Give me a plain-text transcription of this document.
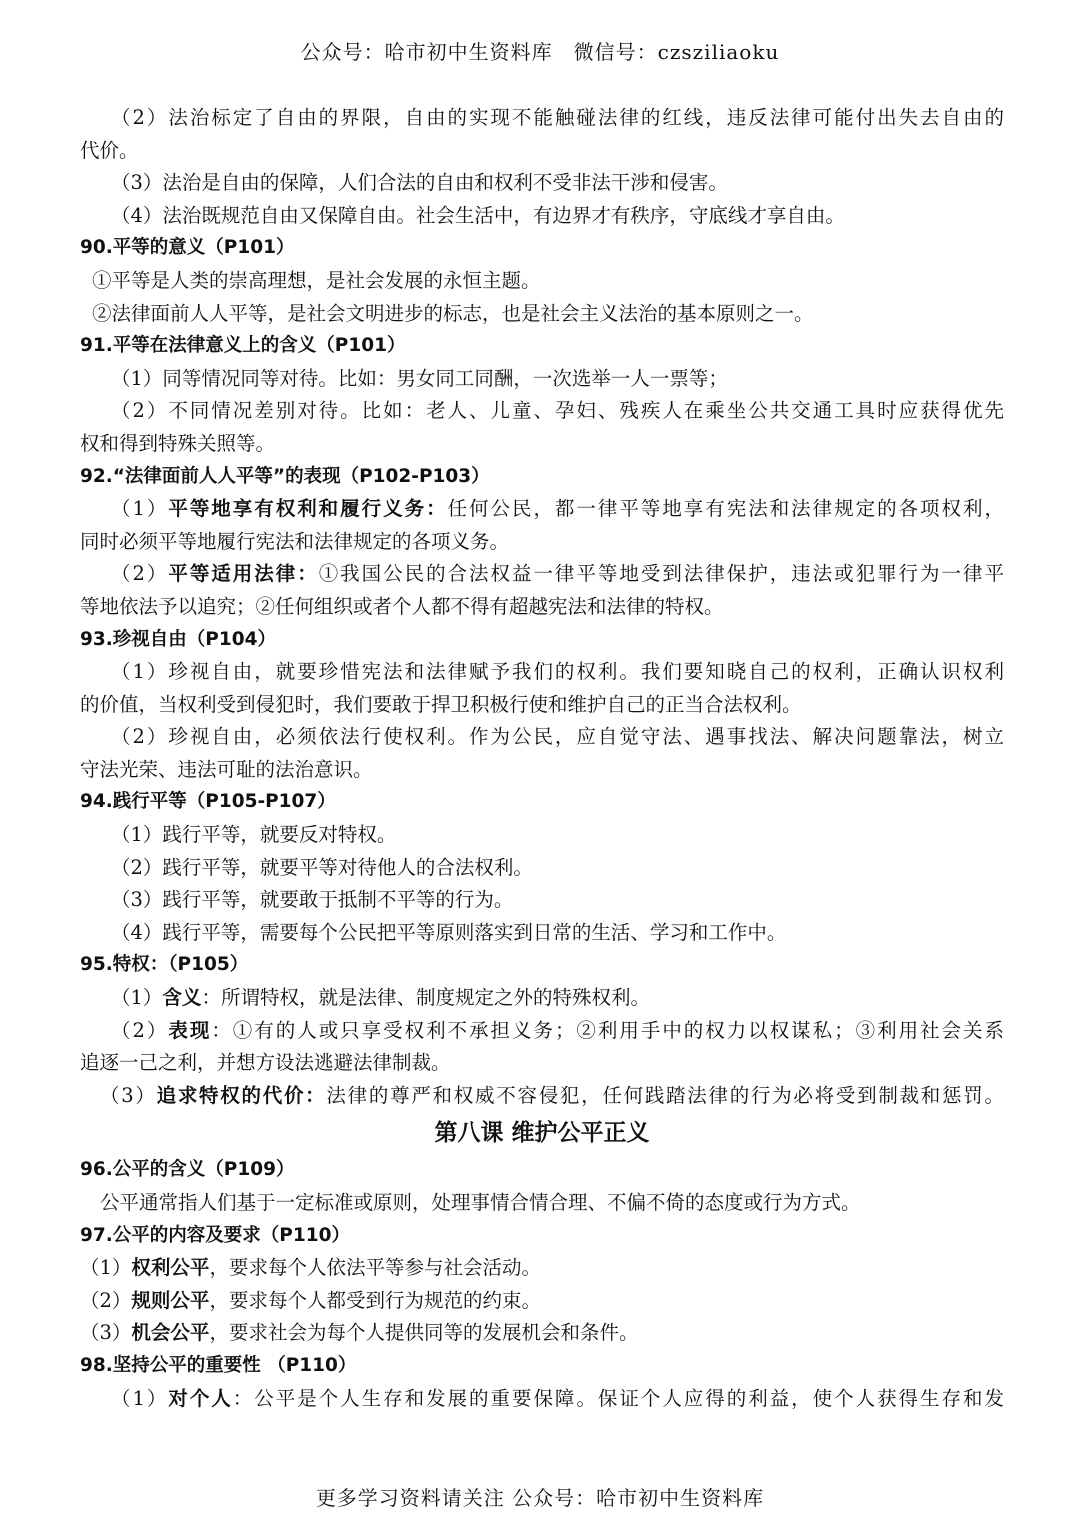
公众号：哈市初中生资料库　微信号：czsziliaoku
（2）法治标定了自由的界限，自由的实现不能触碰法律的红线，违反法律可能付出失去自由的
代价。
（3）法治是自由的保障，人们合法的自由和权利不受非法干涉和侵害。
（4）法治既规范自由又保障自由。社会生活中，有边界才有秩序，守底线才享自由。
90.平等的意义（P101）
①平等是人类的崇高理想，是社会发展的永恒主题。
②法律面前人人平等，是社会文明进步的标志，也是社会主义法治的基本原则之一。
91.平等在法律意义上的含义（P101）
（1）同等情况同等对待。比如：男女同工同酬，一次选举一人一票等；
（2）不同情况差别对待。比如：老人、儿童、孕妇、残疾人在乘坐公共交通工具时应获得优先
权和得到特殊关照等。
92.“法律面前人人平等”的表现（P102-P103）
（1）平等地享有权利和履行义务：任何公民，都一律平等地享有宪法和法律规定的各项权利，
同时必须平等地履行宪法和法律规定的各项义务。
（2）平等适用法律：①我国公民的合法权益一律平等地受到法律保护，违法或犯罪行为一律平
等地依法予以追究；②任何组织或者个人都不得有超越宪法和法律的特权。
93.珍视自由（P104）
（1）珍视自由，就要珍惜宪法和法律赋予我们的权利。我们要知晓自己的权利，正确认识权利
的价值，当权利受到侵犯时，我们要敢于捍卫积极行使和维护自己的正当合法权利。
（2）珍视自由，必须依法行使权利。作为公民，应自觉守法、遇事找法、解决问题靠法，树立
守法光荣、违法可耻的法治意识。
94.践行平等（P105-P107）
（1）践行平等，就要反对特权。
（2）践行平等，就要平等对待他人的合法权利。
（3）践行平等，就要敢于抵制不平等的行为。
（4）践行平等，需要每个公民把平等原则落实到日常的生活、学习和工作中。
95.特权：（P105）
（1）含义：所谓特权，就是法律、制度规定之外的特殊权利。
（2）表现：①有的人或只享受权利不承担义务；②利用手中的权力以权谋私；③利用社会关系
追逐一己之利，并想方设法逃避法律制裁。
（3）追求特权的代价：法律的尊严和权威不容侵犯，任何践踏法律的行为必将受到制裁和惩罚。
第八课 维护公平正义
96.公平的含义（P109）
公平通常指人们基于一定标准或原则，处理事情合情合理、不偏不倚的态度或行为方式。
97.公平的内容及要求（P110）
（1）权利公平，要求每个人依法平等参与社会活动。
（2）规则公平，要求每个人都受到行为规范的约束。
（3）机会公平，要求社会为每个人提供同等的发展机会和条件。
98.坚持公平的重要性 （P110）
（1）对个人：公平是个人生存和发展的重要保障。保证个人应得的利益，使个人获得生存和发
更多学习资料请关注 公众号：哈市初中生资料库
